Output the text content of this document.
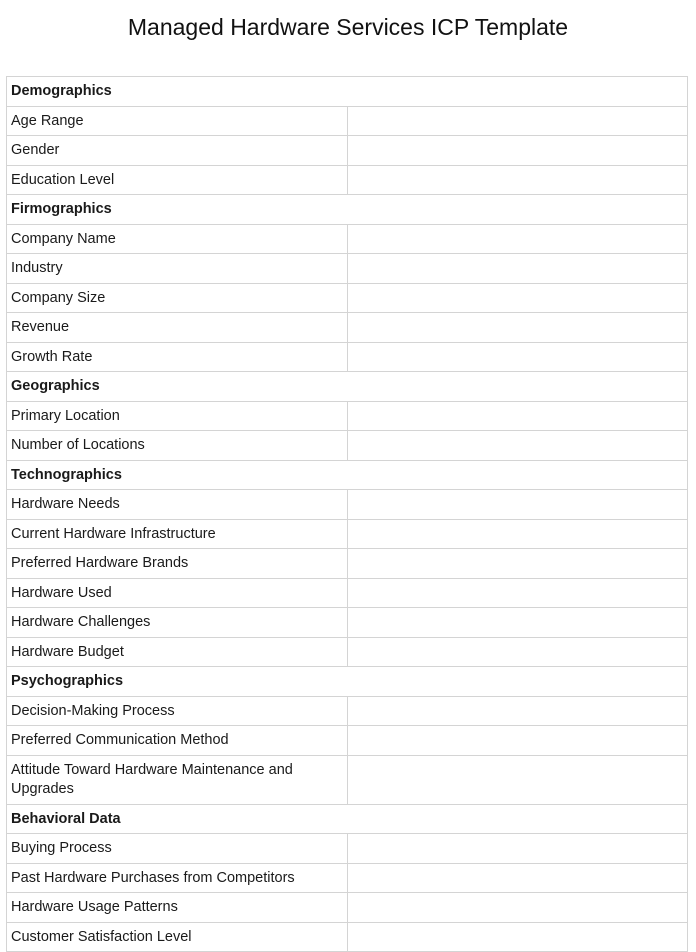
Managed Hardware Services ICP Template
Demographics	
Age Range	
Gender	
Education Level	
Firmographics	
Company Name	
Industry	
Company Size	
Revenue	
Growth Rate	
Geographics	
Primary Location	
Number of Locations	
Technographics	
Hardware Needs	
Current Hardware Infrastructure	
Preferred Hardware Brands	
Hardware Used	
Hardware Challenges	
Hardware Budget	
Psychographics	
Decision-Making Process	
Preferred Communication Method	
Attitude Toward Hardware Maintenance and Upgrades	
Behavioral Data	
Buying Process	
Past Hardware Purchases from Competitors	
Hardware Usage Patterns	
Customer Satisfaction Level	
